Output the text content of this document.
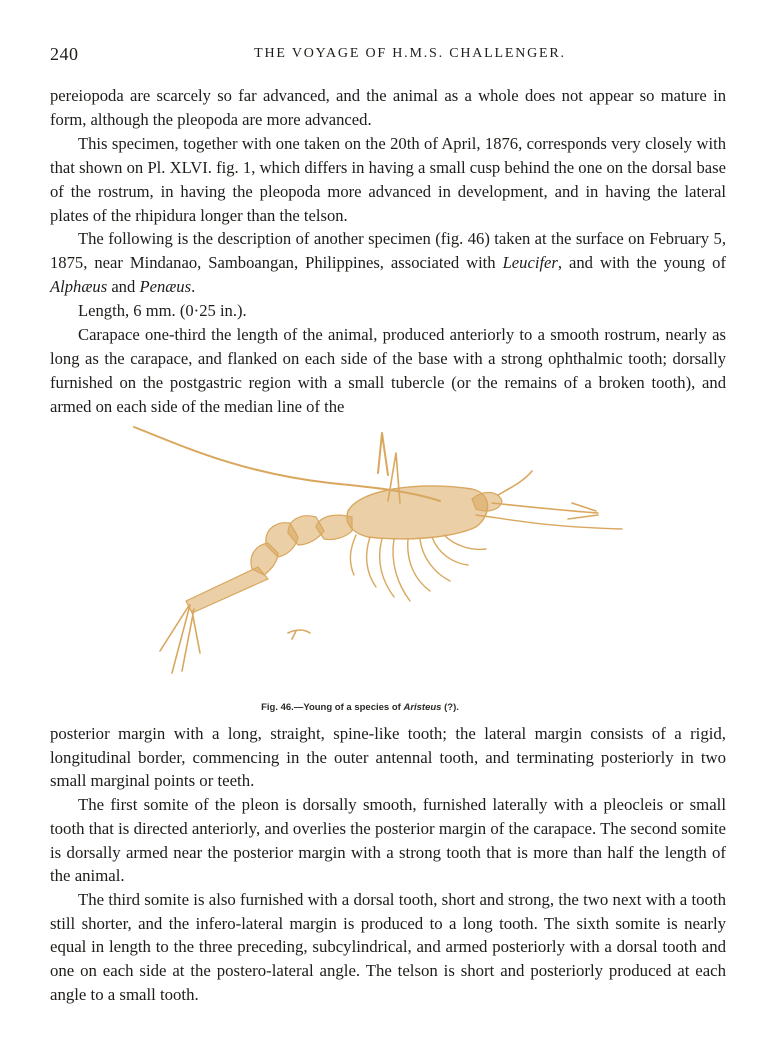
240	THE VOYAGE OF H.M.S. CHALLENGER.

pereiopoda are scarcely so far advanced, and the animal as a whole does not appear so mature in form, although the pleopoda are more advanced.

This specimen, together with one taken on the 20th of April, 1876, corresponds very closely with that shown on Pl. XLVI. fig. 1, which differs in having a small cusp behind the one on the dorsal base of the rostrum, in having the pleopoda more advanced in development, and in having the lateral plates of the rhipidura longer than the telson.

The following is the description of another specimen (fig. 46) taken at the surface on February 5, 1875, near Mindanao, Samboangan, Philippines, associated with Leucifer, and with the young of Alphæus and Penæus.

Length, 6 mm. (0·25 in.).

Carapace one-third the length of the animal, produced anteriorly to a smooth rostrum, nearly as long as the carapace, and flanked on each side of the base with a strong ophthalmic tooth; dorsally furnished on the postgastric region with a small tubercle (or the remains of a broken tooth), and armed on each side of the median line of the

Fig. 46.—Young of a species of Aristeus (?).

posterior margin with a long, straight, spine-like tooth; the lateral margin consists of a rigid, longitudinal border, commencing in the outer antennal tooth, and terminating posteriorly in two small marginal points or teeth.

The first somite of the pleon is dorsally smooth, furnished laterally with a pleocleis or small tooth that is directed anteriorly, and overlies the posterior margin of the carapace. The second somite is dorsally armed near the posterior margin with a strong tooth that is more than half the length of the animal.

The third somite is also furnished with a dorsal tooth, short and strong, the two next with a tooth still shorter, and the infero-lateral margin is produced to a long tooth. The sixth somite is nearly equal in length to the three preceding, subcylindrical, and armed posteriorly with a dorsal tooth and one on each side at the postero-lateral angle. The telson is short and posteriorly produced at each angle to a small tooth.
